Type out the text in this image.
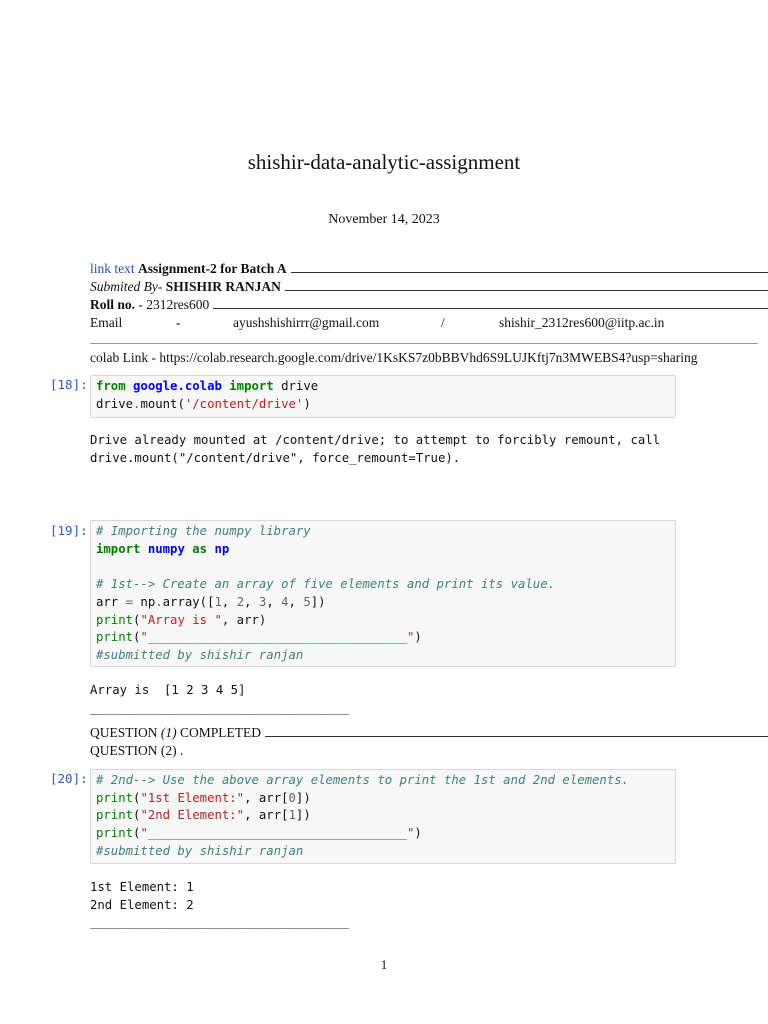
shishir-data-analytic-assignment
November 14, 2023
link text Assignment-2 for Batch A
Submited By- SHISHIR RANJAN
Roll no. - 2312res600
Email	-	ayushshishirrr@gmail.com	/	shishir_2312res600@iitp.ac.in
colab Link - https://colab.research.google.com/drive/1KsKS7z0bBBVhd6S9LUJKftj7n3MWEBS4?usp=sharing
[18]: from google.colab import drive
drive.mount('/content/drive')
Drive already mounted at /content/drive; to attempt to forcibly remount, call
drive.mount("/content/drive", force_remount=True).
[19]: # Importing the numpy library
import numpy as np

# 1st--> Create an array of five elements and print its value.
arr = np.array([1, 2, 3, 4, 5])
print("Array is ", arr)
print("___________________________________")
#submitted by shishir ranjan
Array is  [1 2 3 4 5]
___________________________________
QUESTION (1) COMPLETED
QUESTION (2) .
[20]: # 2nd--> Use the above array elements to print the 1st and 2nd elements.
print("1st Element:", arr[0])
print("2nd Element:", arr[1])
print("___________________________________")
#submitted by shishir ranjan
1st Element: 1
2nd Element: 2
___________________________________
1
